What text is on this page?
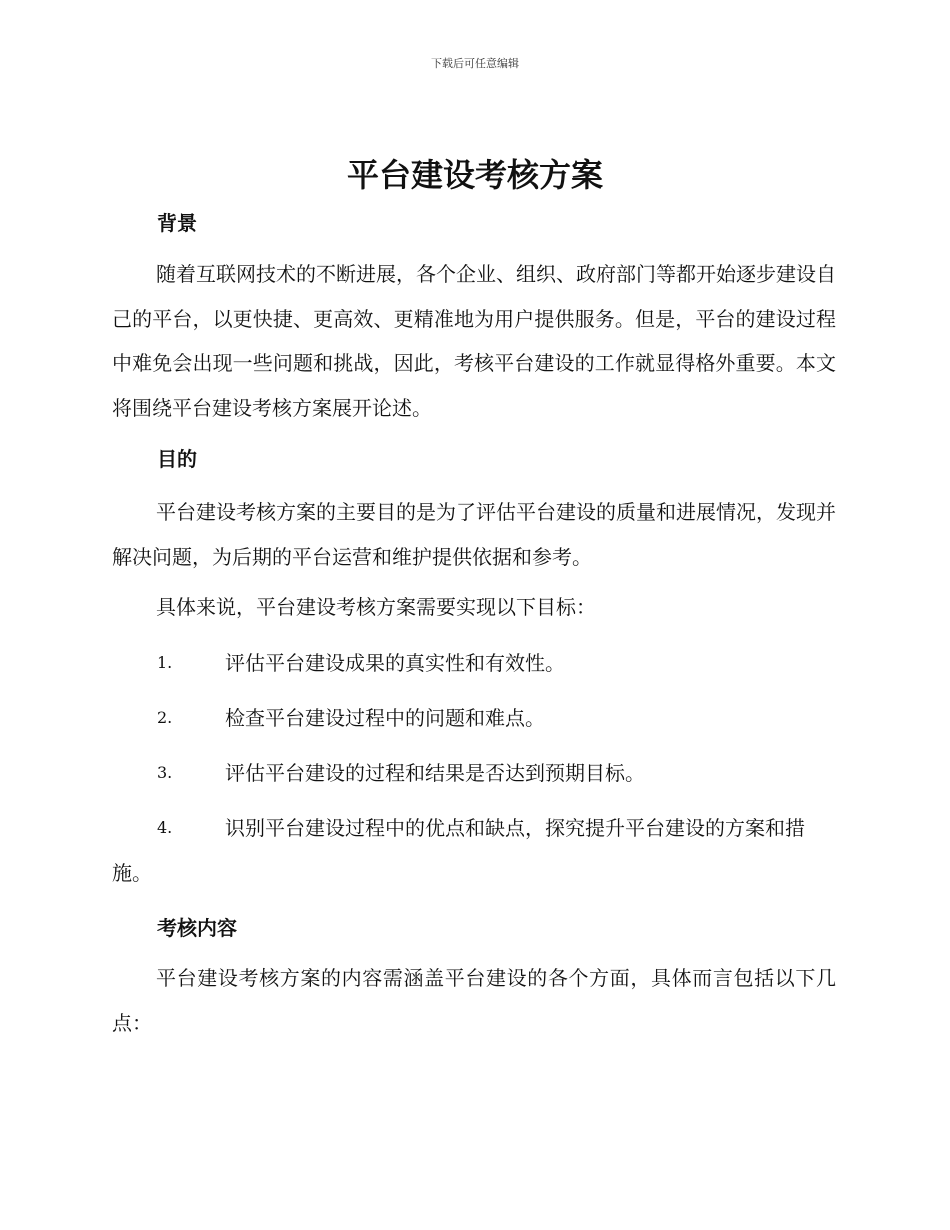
下载后可任意编辑
平台建设考核方案
背景

随着互联网技术的不断进展，各个企业、组织、政府部门等都开始逐步建设自己的平台，以更快捷、更高效、更精准地为用户提供服务。但是，平台的建设过程中难免会出现一些问题和挑战，因此，考核平台建设的工作就显得格外重要。本文将围绕平台建设考核方案展开论述。

目的

平台建设考核方案的主要目的是为了评估平台建设的质量和进展情况，发现并解决问题，为后期的平台运营和维护提供依据和参考。

具体来说，平台建设考核方案需要实现以下目标：

1.	评估平台建设成果的真实性和有效性。
2.	检查平台建设过程中的问题和难点。
3.	评估平台建设的过程和结果是否达到预期目标。
4.	识别平台建设过程中的优点和缺点，探究提升平台建设的方案和措施。
考核内容

平台建设考核方案的内容需涵盖平台建设的各个方面，具体而言包括以下几点：
